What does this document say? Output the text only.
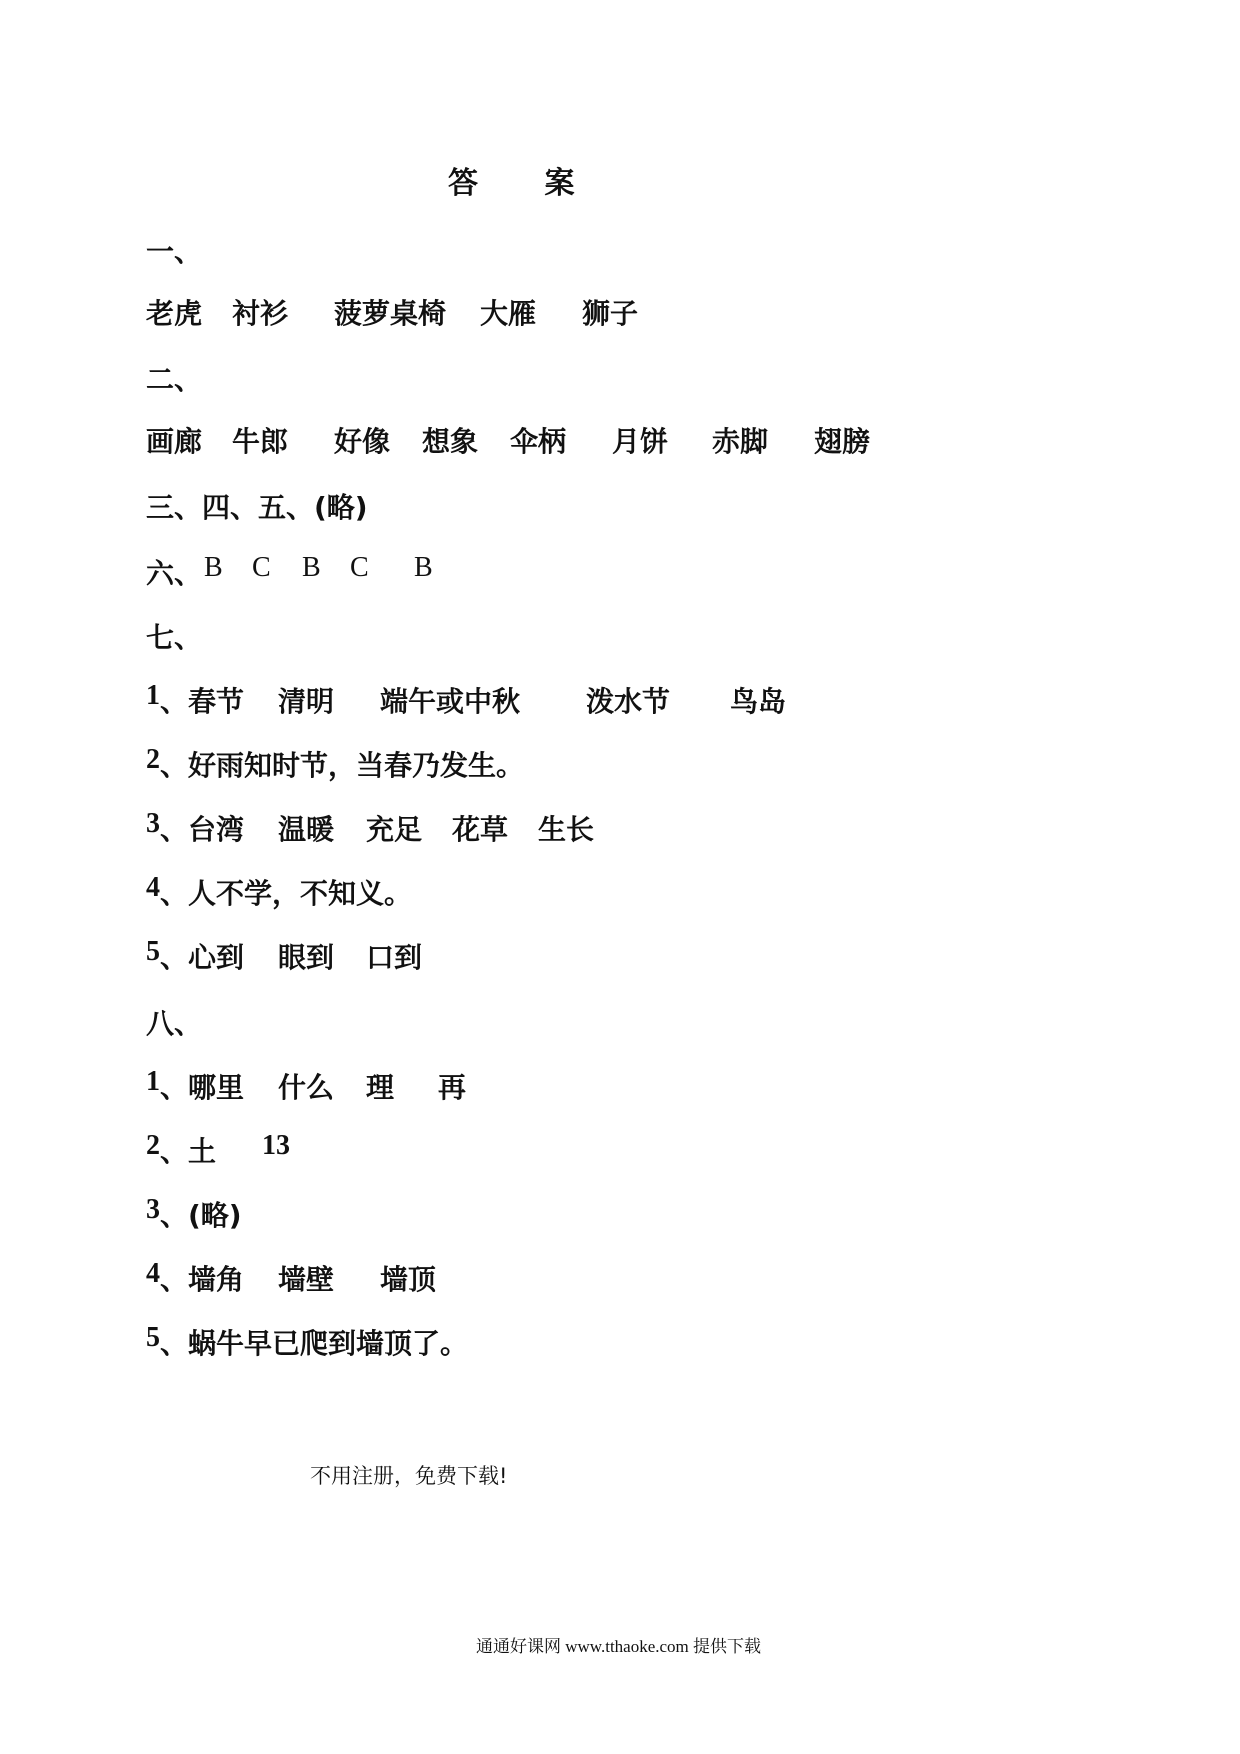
答 案
一、
老虎 衬衫 菠萝桌椅 大雁 狮子
二、
画廊 牛郎 好像 想象 伞柄 月饼 赤脚 翅膀
三、四、五、(略)
六、 B C B C B
七、
1 、春节 清明 端午或中秋 泼水节 鸟岛
2 、好雨知时节，当春乃发生。
3 、台湾 温暖 充足 花草 生长
4 、人不学，不知义。
5 、心到 眼到 口到
八、
1 、哪里 什么 理 再
2 、土 13
3 、(略)
4 、墙角 墙壁 墙顶
5 、蜗牛早已爬到墙顶了。
不用注册，免费下载!
通通好课网 www.tthaoke.com 提供下载
